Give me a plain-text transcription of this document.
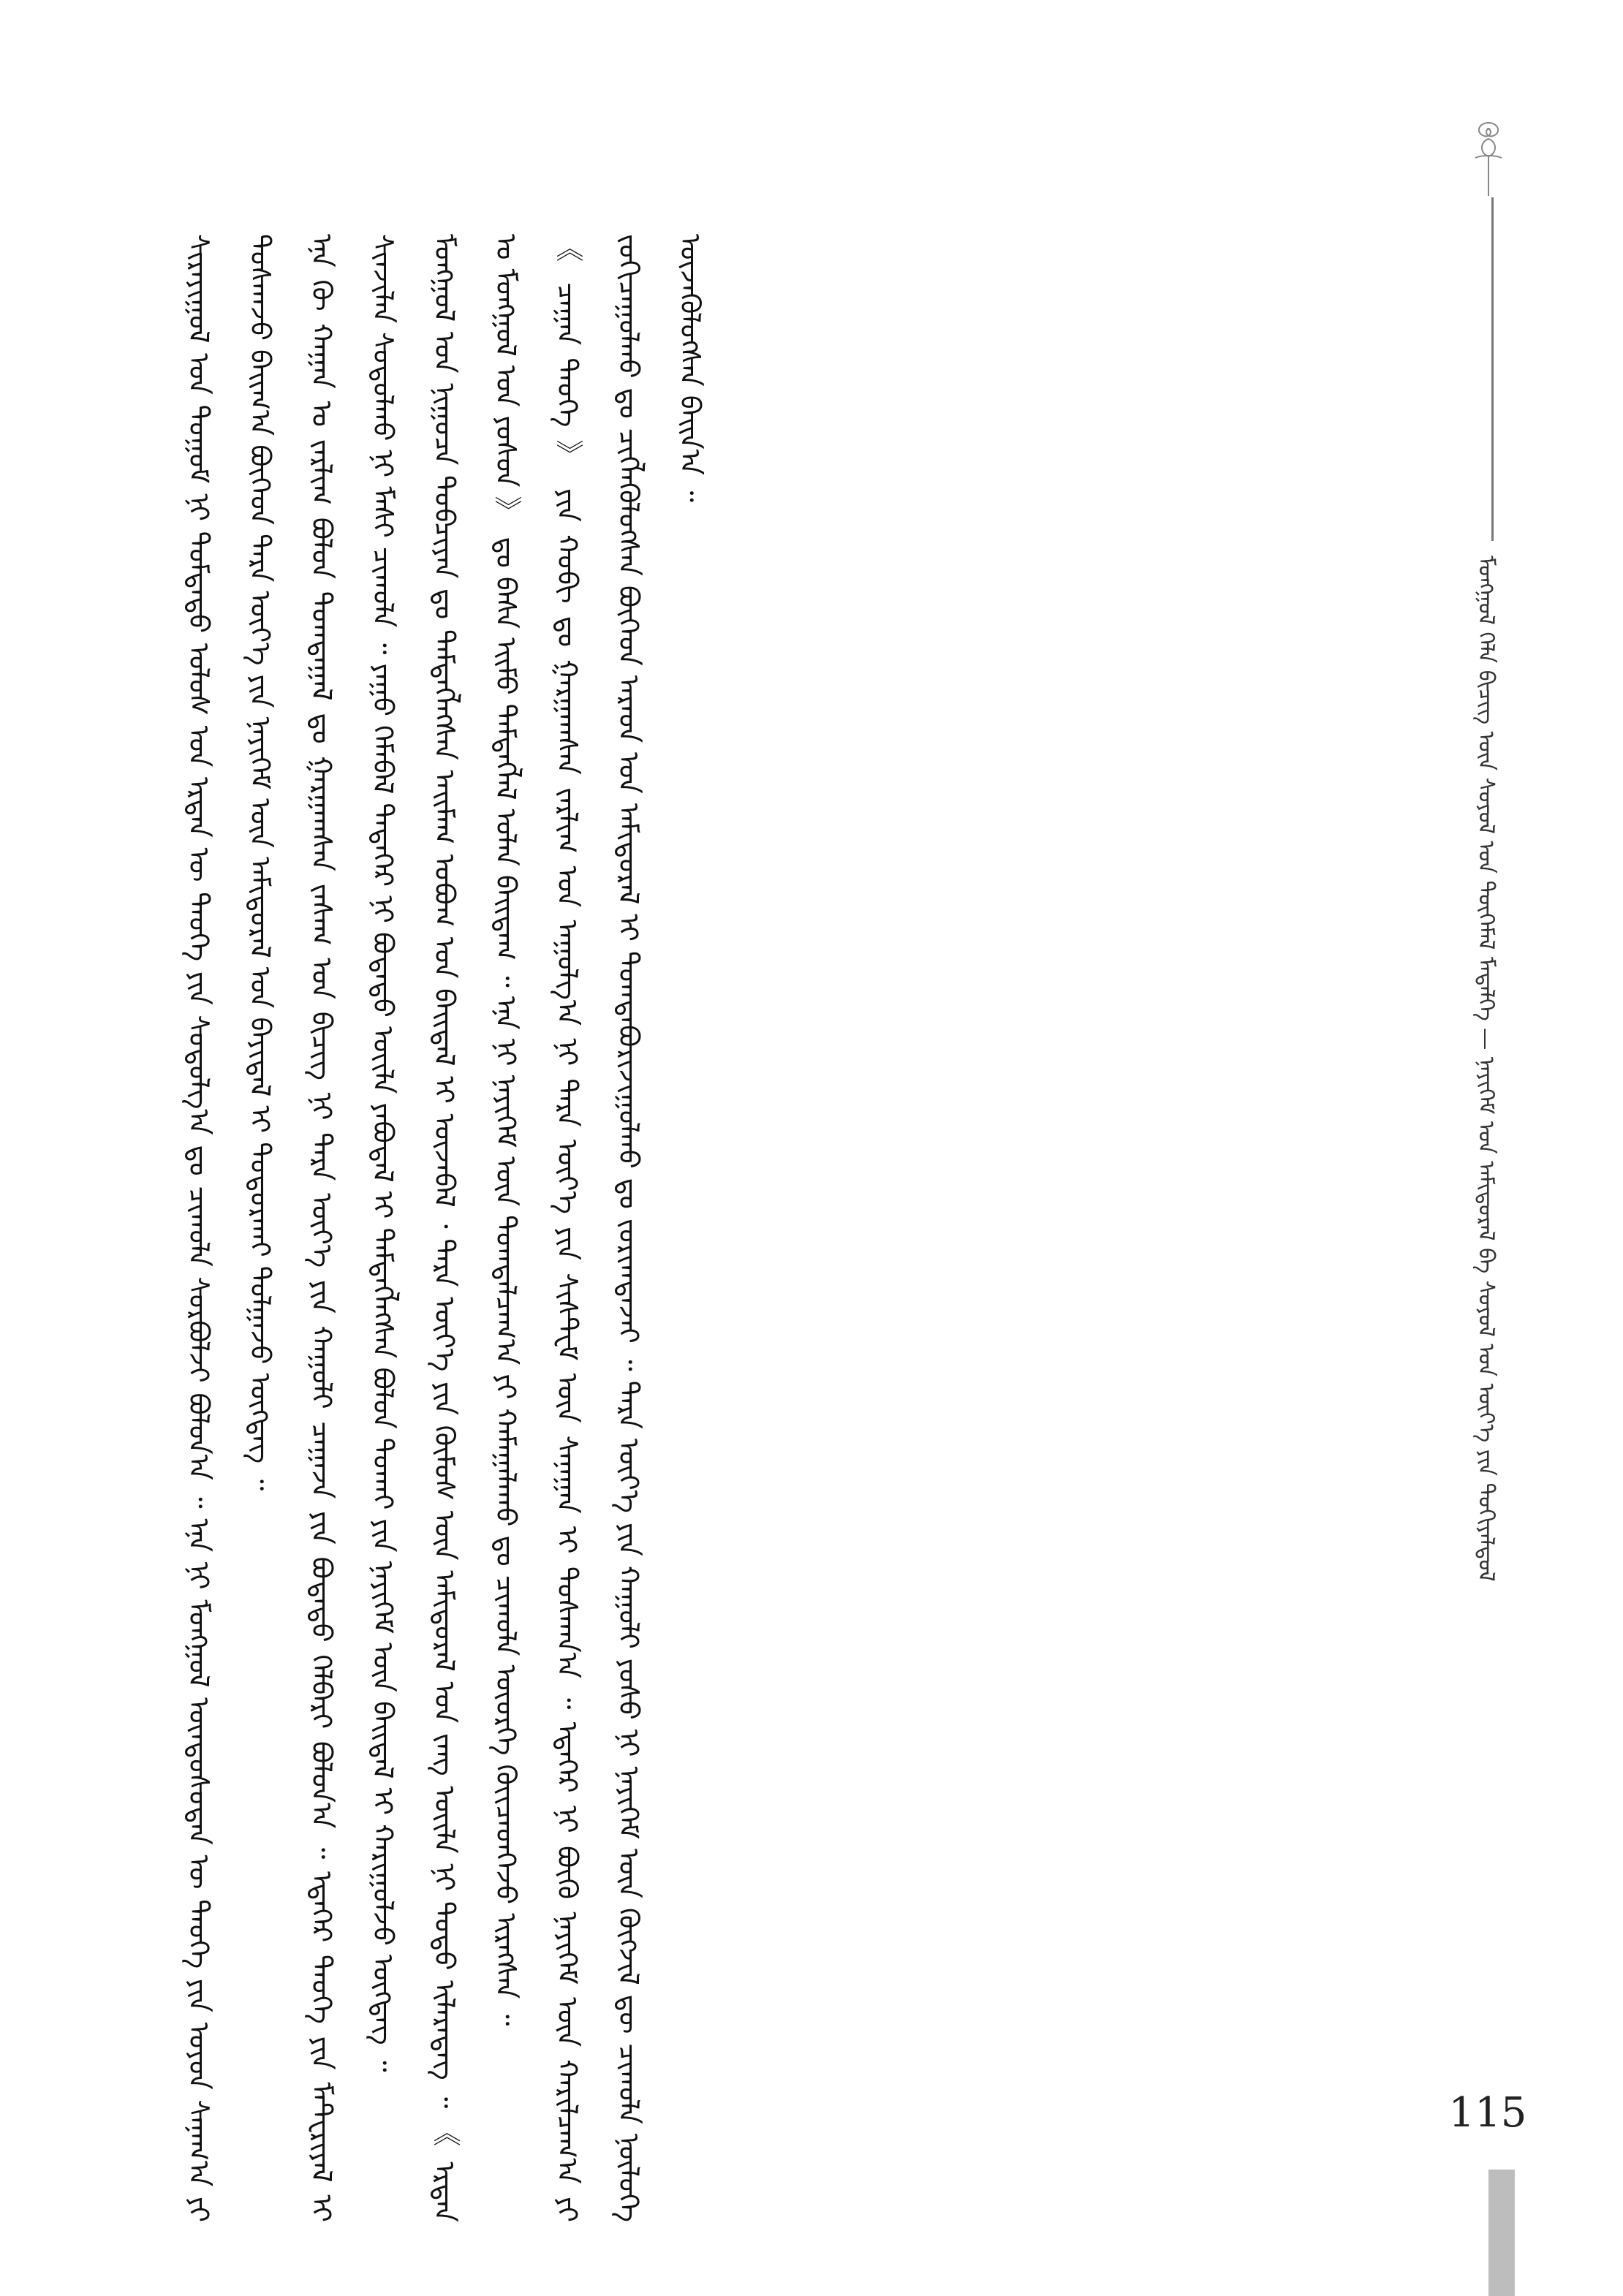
ᠮᠣᠩᠭᠣᠯ ᠬᠡᠯᠡ ᠪᠢᠴᠢᠭ ᠦᠨ ᠰᠣᠶᠣᠯ ᠤᠨ ᠲᠦᠭᠡᠮᠡᠯ ᠮᠡᠳᠡᠯᠭᠡ — ᠨᠡᠶᠢᠭᠡᠮ ᠤᠨ ᠠᠮᠢᠳᠤᠷᠠᠯ ᠪᠠ ᠰᠣᠶᠣᠯ ᠤᠨ ᠦᠶ᠎ᠡ ᠶᠢᠨ ᠲᠣᠬᠢᠶᠠᠯᠳᠤᠯ

ᠰᠢᠷᠠᠶᠢᠭᠤᠯ ᠤᠨ ᠲᠣᠭᠤᠮ ᠨᠢ ᠳᠤᠮᠳᠠᠳᠤ ᠤᠯᠤᠰ ᠤᠨ ᠡᠷᠲᠡᠨ ᠦ ᠲᠡᠦᠬᠡ ᠶᠢᠨ ᠰᠤᠳᠤᠯᠭ᠎ᠠ ᠳᠤ ᠴᠢᠬᠤᠯᠠ ᠰᠤᠷᠪᠤᠯᠵᠢ ᠪᠣᠯᠤᠨ᠎ᠠ ᠃ ᠡᠨᠡ ᠨᠢ ᠮᠣᠩᠭᠣᠯ ᠦᠨᠳᠦᠰᠦᠲᠡᠨ ᠦ ᠲᠡᠦᠬᠡ ᠶᠢᠨ ᠣᠶᠤᠨ ᠰᠠᠨᠠᠭ᠎ᠠ ᠶᠢ ᠲᠤᠰᠬᠠᠵᠤ ᠪᠠᠢᠭ᠎ᠠ ᠪᠥᠭᠡᠳ ᠲᠡᠷᠡ ᠦᠶ᠎ᠡ ᠶᠢᠨ ᠨᠡᠶᠢᠭᠡᠮ ᠦᠨ ᠠᠮᠢᠳᠤᠷᠠᠯ ᠤᠨ ᠪᠠᠶᠢᠳᠠᠯ ᠢ ᠲᠣᠳᠣᠷᠬᠠᠶ ᠲᠤᠯᠭᠠᠵᠤ ᠥᠭᠳᠡᠭ ᠃	ᠡᠨᠡ ᠬᠦ ᠬᠠᠭᠠᠨ ᠤ ᠵᠠᠷᠯᠢᠭ ᠪᠣᠯᠤᠨ ᠲᠣᠭᠲᠠᠭᠠᠯ ᠳᠤ ᠭᠠᠷᠭᠠᠭᠰᠠᠨ ᠵᠠᠰᠠᠭ ᠤᠨ ᠪᠢᠴᠢᠭ ᠨᠢ ᠲᠡᠷᠡ ᠦᠶ᠎ᠡ ᠶᠢᠨ ᠬᠠᠭᠤᠯᠢ ᠴᠠᠭᠠᠵᠠ ᠶᠢᠨ ᠪᠣᠳᠠᠲᠤ ᠬᠡᠯᠪᠡᠷᠢ ᠪᠣᠯᠤᠨ᠎ᠠ ᠃ ᠡᠳᠡᠭᠡᠷ ᠲᠡᠦᠬᠡ ᠶᠢᠨ ᠮᠠᠲ᠋ᠧᠷᠢᠶᠠᠯ ᠢ ᠰᠢᠨᠵᠢᠯᠡᠨ ᠰᠤᠳᠤᠯᠬᠤ ᠨᠢ ᠮᠠᠰᠢ ᠴᠢᠬᠤᠯᠠ ᠃ ᠶᠠᠭᠤ ᠬᠡᠮᠡᠪᠡᠯ ᠲᠡᠳᠡᠭᠡᠷ ᠨᠢ ᠪᠣᠳᠠᠲᠤ ᠦᠢᠯᠡ ᠶᠠᠪᠤᠳᠠᠯ ᠢ ᠲᠡᠮᠳᠡᠭᠯᠡᠭᠰᠡᠨ ᠪᠣᠯᠤᠨ ᠲᠤᠬᠠᠢ ᠶᠢᠨ ᠨᠡᠶᠢᠭᠡᠮ ᠦᠨ ᠪᠠᠢᠳᠠᠯ ᠢ ᠬᠠᠷᠢᠭᠤᠯᠵᠤ ᠥᠭᠳᠡᠭ ᠃	ᠮᠣᠩᠭᠣᠯ ᠤᠨ ᠨᠢᠭᠤᠴᠠ ᠲᠣᠪᠴᠢᠶᠠᠨ ᠳᠤ ᠲᠡᠮᠳᠡᠭᠯᠡᠭᠰᠡᠨ ᠠᠢᠮᠠᠭ ᠣᠪᠤᠭ ᠤᠨ ᠪᠠᠢᠳᠠᠯ ᠢ ᠦᠵᠡᠪᠡᠯ ᠂ ᠲᠡᠷᠡ ᠦᠶ᠎ᠡ ᠶᠢᠨ ᠬᠦᠮᠦᠰ ᠦᠨ ᠠᠮᠢᠳᠤᠷᠠᠯ ᠤᠨ ᠵᠠᠩ ᠦᠢᠯᠡ ᠨᠢ ᠲᠣᠳᠣ ᠢᠯᠡᠷᠡᠳᠡᠭ ᠃ 《 ᠡᠷᠲᠡᠨ ᠤ ᠮᠣᠩᠭᠣᠯ ᠤᠨ ᠶᠣᠰᠤᠨ 》 ᠳᠤ ᠪᠠᠰᠠ ᠡᠢᠮᠦ ᠲᠡᠮᠳᠡᠭᠯᠡᠯ ᠣᠯᠠᠨ ᠪᠠᠢᠳᠠᠭ ᠃ ᠡᠨᠡ ᠨᠢ ᠨᠡᠶᠢᠭᠡᠮ ᠦᠨ ᠲᠣᠭᠲᠠᠯᠴᠠᠭ᠎ᠠ ᠶᠢ ᠬᠠᠮᠠᠭᠠᠯᠠᠬᠤ ᠳᠤ ᠴᠢᠬᠤᠯᠠ ᠦᠦᠷᠭᠡ ᠭᠦᠢᠴᠡᠳᠭᠡᠵᠦ ᠢᠷᠡᠭᠰᠡᠨ ᠃	《 ᠴᠠᠭᠠᠨ ᠲᠡᠦᠬᠡ 》 ᠶᠢᠨ ᠬᠤᠪᠢ ᠳᠤ ᠭᠠᠷᠭᠠᠭᠰᠠᠨ ᠵᠠᠷᠯᠢᠭ ᠤᠨ ᠠᠭᠤᠯᠭ᠎ᠠ ᠨᠢ ᠲᠡᠷᠡ ᠦᠶ᠎ᠡ ᠶᠢᠨ ᠰᠢᠰᠲ᠋ᠧᠮ ᠦᠨ ᠰᠠᠨᠠᠭᠠᠨ ᠢ ᠲᠤᠰᠬᠠᠨ᠎ᠠ ᠃ ᠡᠳᠡᠭᠡᠷ ᠨᠢ ᠪᠦᠬᠦ ᠨᠡᠶᠢᠭᠡᠮ ᠦᠨ ᠬᠠᠷᠢᠯᠴᠠᠭ᠎ᠠ ᠶᠢ ᠵᠣᠬᠢᠴᠠᠭᠤᠯᠬᠤ ᠳᠤ ᠴᠢᠭᠯᠡᠭᠦᠯᠦᠭᠰᠡᠨ ᠪᠥᠭᠡᠳ ᠠᠷᠠᠳ ᠤᠨ ᠠᠮᠢᠳᠤᠷᠠᠯ ᠢ ᠲᠣᠭᠲᠠᠪᠤᠷᠢᠵᠢᠭᠤᠯᠬᠤ ᠳᠤ ᠵᠣᠷᠢᠭᠳᠠᠵᠠᠢ ᠃ ᠲᠡᠷᠡ ᠦᠶ᠎ᠡ ᠶᠢᠨ ᠬᠠᠭᠤᠯᠢ ᠶᠣᠰᠤ ᠨᠢ ᠨᠡᠶᠢᠭᠡᠮ ᠦᠨ ᠬᠥᠭᠵᠢᠯ ᠳᠦ ᠴᠢᠬᠤᠯᠠ ᠨᠥᠯᠥᠭᠡ ᠦᠵᠡᠭᠦᠯᠦᠭᠰᠡᠨ ᠪᠠᠢᠨ᠎ᠠ ᠃

115
